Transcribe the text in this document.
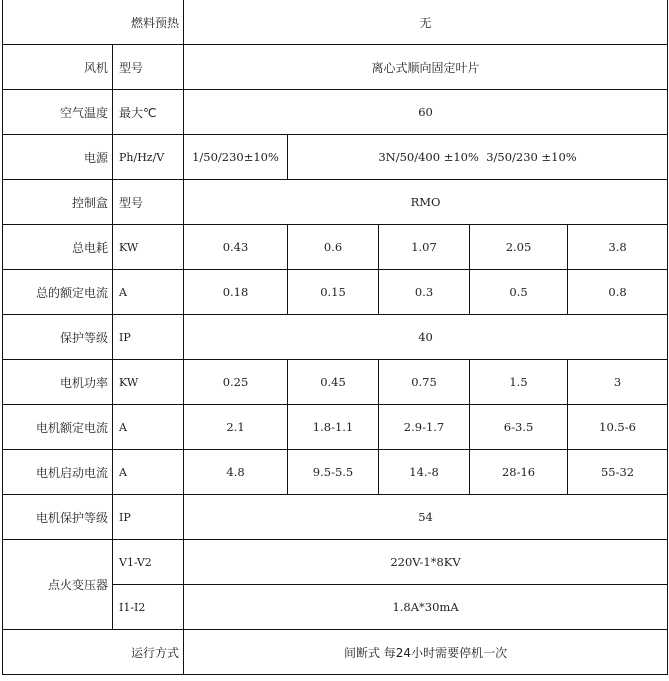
燃料预热		无				
风机	型号	离心式顺向固定叶片				
空气温度	最大℃	60				
电源	Ph/Hz/V	1/50/230±10%	3N/50/400 ±10%  3/50/230 ±10%			
控制盒	型号	RMO				
总电耗	KW	0.43	0.6	1.07	2.05	3.8
总的额定电流	A	0.18	0.15	0.3	0.5	0.8
保护等级	IP	40				
电机功率	KW	0.25	0.45	0.75	1.5	3
电机额定电流	A	2.1	1.8-1.1	2.9-1.7	6-3.5	10.5-6
电机启动电流	A	4.8	9.5-5.5	14.-8	28-16	55-32
电机保护等级	IP	54				
点火变压器	V1-V2	220V-1*8KV				
	I1-I2	1.8A*30mA				
运行方式		间断式 每24小时需要停机一次				
